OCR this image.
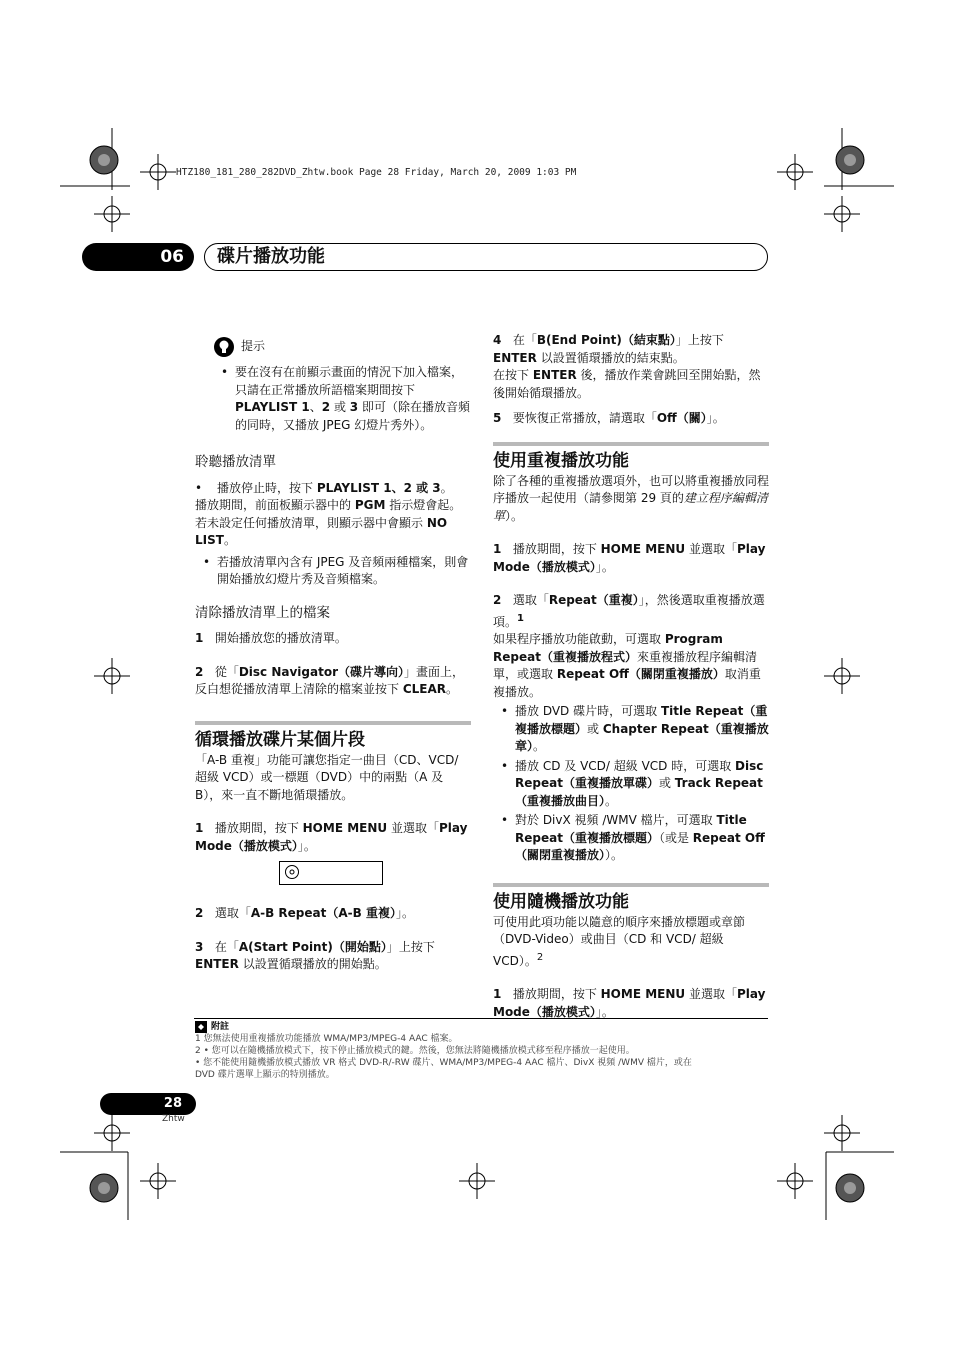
HTZ180_181_280_282DVD_Zhtw.book Page 28 Friday, March 20, 2009 1:03 PM
06	碟片播放功能
提示
• 要在沒有在前顯示畫面的情況下加入檔案，只請在正常播放所語檔案期間按下PLAYLIST 1、2 或 3 即可（除在播放音頻的同時，又播放 JPEG 幻燈片秀外）。
聆聽播放清單
• 播放停止時，按下 PLAYLIST 1、2 或 3。
播放期間，前面板顯示器中的 PGM 指示燈會起。若未設定任何播放清單，則顯示器中會顯示 NO LIST。
• 若播放清單內含有 JPEG 及音頻兩種檔案，則會開始播放幻燈片秀及音頻檔案。
清除播放清單上的檔案
1 開始播放您的播放清單。
2 從「Disc Navigator（碟片導向）」畫面上，反白想從播放清單上清除的檔案並按下 CLEAR。
循環播放碟片某個片段
「A-B 重複」功能可讓您指定一曲目（CD、VCD/ 超級 VCD）或一標題（DVD）中的兩點（A 及 B），來一直不斷地循環播放。
1 播放期間，按下 HOME MENU 並選取「Play Mode（播放模式）」。
2 選取「A-B Repeat（A-B 重複）」。
3 在「A(Start Point)（開始點）」上按下 ENTER 以設置循環播放的開始點。
4 在「B(End Point)（結束點）」上按下 ENTER 以設置循環播放的結束點。
在按下 ENTER 後，播放作業會跳回至開始點，然後開始循環播放。
5 要恢復正常播放，請選取「Off（關）」。
使用重複播放功能
除了各種的重複播放選項外，也可以將重複播放同程序播放一起使用（請參閱第 29 頁的建立程序編輯清單）。
1 播放期間，按下 HOME MENU 並選取「Play Mode（播放模式）」。
2 選取「Repeat（重複）」，然後選取重複播放選項。$^1$
如果程序播放功能啟動，可選取 Program Repeat（重複播放程式）來重複播放程序編輯清單，或選取 Repeat Off（關閉重複播放）取消重複播放。
• 播放 DVD 碟片時，可選取 Title Repeat（重複播放標題）或 Chapter Repeat（重複播放章）。
• 播放 CD 及 VCD/ 超級 VCD 時，可選取 Disc Repeat（重複播放單碟）或 Track Repeat（重複播放曲目）。
• 對於 DivX 視頻 /WMV 檔片，可選取 Title Repeat（重複播放標題）（或是 Repeat Off（關閉重複播放））。
使用隨機播放功能
可使用此項功能以隨意的順序來播放標題或章節（DVD-Video）或曲目（CD 和 VCD/ 超級 VCD）。$^2$
1 播放期間，按下 HOME MENU 並選取「Play Mode（播放模式）」。
附註
1 您無法使用重複播放功能播放 WMA/MP3/MPEG-4 AAC 檔案。
2 • 您可以在隨機播放模式下，按下停止播放模式的鍵。然後，您無法將隨機播放模式移至程序播放一起使用。
• 您不能使用隨機播放模式播放 VR 格式 DVD-R/-RW 碟片、WMA/MP3/MPEG-4 AAC 檔片、DivX 視頻 /WMV 檔片，或在
DVD 碟片選單上顯示的特別播放。
28
Zhtw
